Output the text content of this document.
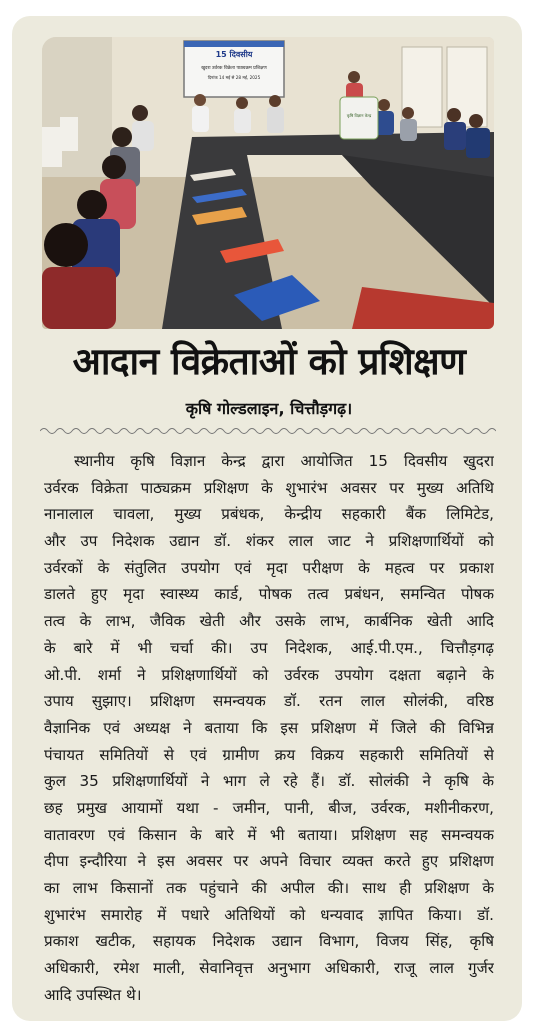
15 दिवसीय
खुदरा उर्वरक विक्रेता पाठ्यक्रम प्रशिक्षण
दिनांक 14 मई से 28 मई, 2025
कृषि विज्ञान केन्द्र
आदान विक्रेताओं को प्रशिक्षण
कृषि गोल्डलाइन, चित्तौड़गढ़।
स्थानीय कृषि विज्ञान केन्द्र द्वारा आयोजित 15 दिवसीय खुदरा
उर्वरक विक्रेता पाठ्यक्रम प्रशिक्षण के शुभारंभ अवसर पर मुख्य अतिथि
नानालाल चावला, मुख्य प्रबंधक, केन्द्रीय सहकारी बैंक लिमिटेड,
और उप निदेशक उद्यान डॉ. शंकर लाल जाट ने प्रशिक्षणार्थियों को
उर्वरकों के संतुलित उपयोग एवं मृदा परीक्षण के महत्व पर प्रकाश
डालते हुए मृदा स्वास्थ्य कार्ड, पोषक तत्व प्रबंधन, समन्वित पोषक
तत्व के लाभ, जैविक खेती और उसके लाभ, कार्बनिक खेती आदि
के बारे में भी चर्चा की। उप निदेशक, आई.पी.एम., चित्तौड़गढ़
ओ.पी. शर्मा ने प्रशिक्षणार्थियों को उर्वरक उपयोग दक्षता बढ़ाने के
उपाय सुझाए। प्रशिक्षण समन्वयक डॉ. रतन लाल सोलंकी, वरिष्ठ
वैज्ञानिक एवं अध्यक्ष ने बताया कि इस प्रशिक्षण में जिले की विभिन्न
पंचायत समितियों से एवं ग्रामीण क्रय विक्रय सहकारी समितियों से
कुल 35 प्रशिक्षणार्थियों ने भाग ले रहे हैं। डॉ. सोलंकी ने कृषि के
छह प्रमुख आयामों यथा - जमीन, पानी, बीज, उर्वरक, मशीनीकरण,
वातावरण एवं किसान के बारे में भी बताया। प्रशिक्षण सह समन्वयक
दीपा इन्दौरिया ने इस अवसर पर अपने विचार व्यक्त करते हुए प्रशिक्षण
का लाभ किसानों तक पहुंचाने की अपील की। साथ ही प्रशिक्षण के
शुभारंभ समारोह में पधारे अतिथियों को धन्यवाद ज्ञापित किया। डॉ.
प्रकाश खटीक, सहायक निदेशक उद्यान विभाग, विजय सिंह, कृषि
अधिकारी, रमेश माली, सेवानिवृत्त अनुभाग अधिकारी, राजू लाल गुर्जर
आदि उपस्थित थे।
